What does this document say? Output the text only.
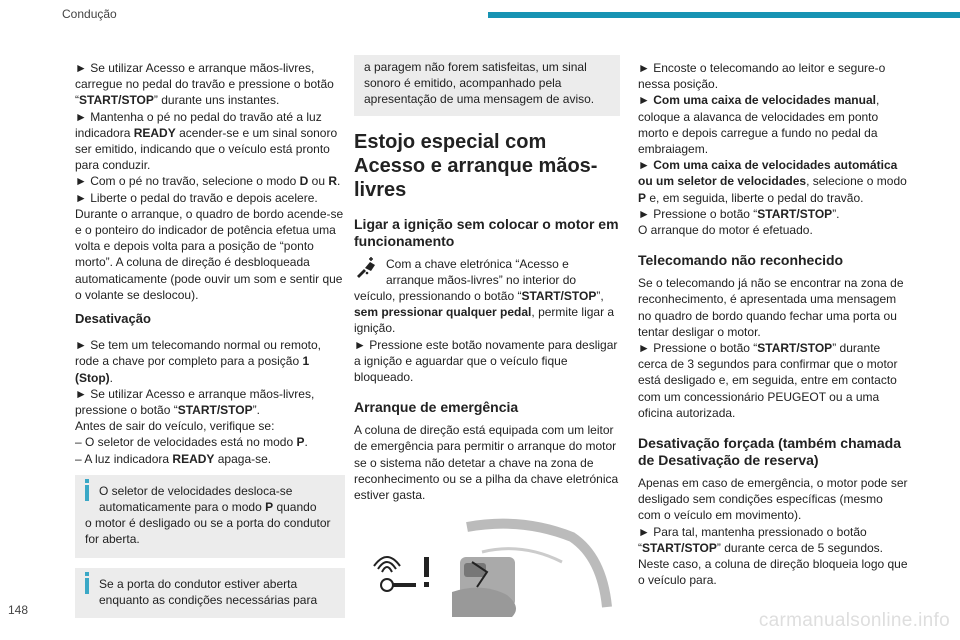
Condução

► Se utilizar Acesso e arranque mãos-livres, carregue no pedal do travão e pressione o botão “START/STOP” durante uns instantes.

► Mantenha o pé no pedal do travão até a luz indicadora READY acender-se e um sinal sonoro ser emitido, indicando que o veículo está pronto para conduzir.

► Com o pé no travão, selecione o modo D ou R.

► Liberte o pedal do travão e depois acelere.

Durante o arranque, o quadro de bordo acende-se e o ponteiro do indicador de potência efetua uma volta e depois volta para a posição de “ponto morto”. A coluna de direção é desbloqueada automaticamente (pode ouvir um som e sentir que o volante se deslocou).

Desativação

► Se tem um telecomando normal ou remoto, rode a chave por completo para a posição 1 (Stop).

► Se utilizar Acesso e arranque mãos-livres, pressione o botão “START/STOP”.

Antes de sair do veículo, verifique se:

– O seletor de velocidades está no modo P.

– A luz indicadora READY apaga-se.

O seletor de velocidades desloca-se
automaticamente para o modo P quando
o motor é desligado ou se a porta do condutor for aberta.

Se a porta do condutor estiver aberta
enquanto as condições necessárias para

a paragem não forem satisfeitas, um sinal sonoro é emitido, acompanhado pela apresentação de uma mensagem de aviso.

Estojo especial com Acesso e arranque mãos-livres
Ligar a ignição sem colocar o motor em funcionamento

Com a chave eletrónica “Acesso e arranque mãos-livres” no interior do veículo, pressionando o botão “START/STOP”, sem pressionar qualquer pedal, permite ligar a ignição.

► Pressione este botão novamente para desligar a ignição e aguardar que o veículo fique bloqueado.

Arranque de emergência

A coluna de direção está equipada com um leitor de emergência para permitir o arranque do motor se o sistema não detetar a chave na zona de reconhecimento ou se a pilha da chave eletrónica estiver gasta.

► Encoste o telecomando ao leitor e segure-o nessa posição.

► Com uma caixa de velocidades manual, coloque a alavanca de velocidades em ponto morto e depois carregue a fundo no pedal da embraiagem.

► Com uma caixa de velocidades automática ou um seletor de velocidades, selecione o modo P e, em seguida, liberte o pedal do travão.

► Pressione o botão “START/STOP”.

O arranque do motor é efetuado.

Telecomando não reconhecido

Se o telecomando já não se encontrar na zona de reconhecimento, é apresentada uma mensagem no quadro de bordo quando fechar uma porta ou tentar desligar o motor.

► Pressione o botão “START/STOP” durante cerca de 3 segundos para confirmar que o motor está desligado e, em seguida, entre em contacto com um concessionário PEUGEOT ou a uma oficina autorizada.

Desativação forçada (também chamada de Desativação de reserva)

Apenas em caso de emergência, o motor pode ser desligado sem condições específicas (mesmo com o veículo em movimento).

► Para tal, mantenha pressionado o botão “START/STOP” durante cerca de 5 segundos.

Neste caso, a coluna de direção bloqueia logo que o veículo para.

148	carmanualsonline.info
